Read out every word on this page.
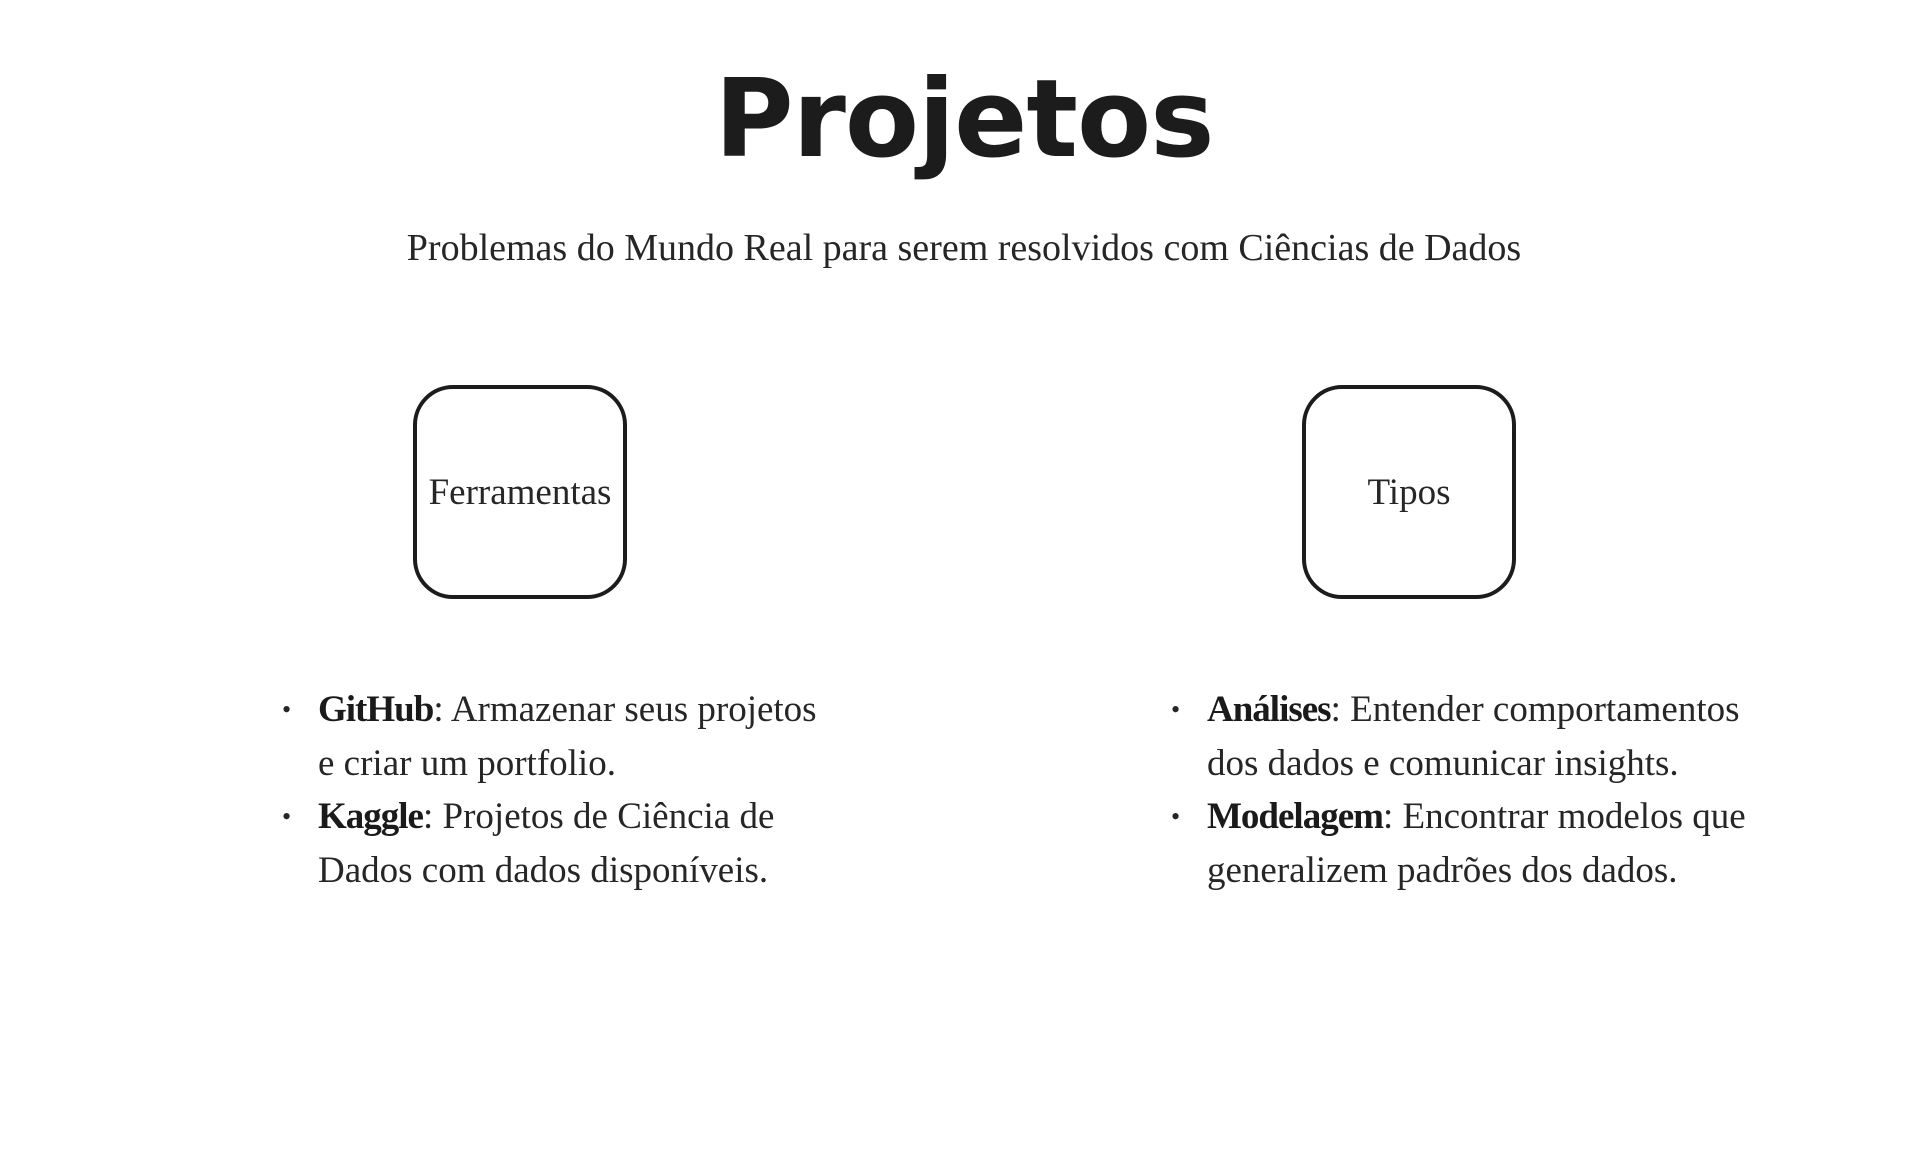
Projetos

Problemas do Mundo Real para serem resolvidos com Ciências de Dados

Ferramentas	Tipos
• GitHub: Armazenar seus projetos e criar um portfolio.
• Kaggle: Projetos de Ciência de Dados com dados disponíveis.
• Análises: Entender comportamentos dos dados e comunicar insights.
• Modelagem: Encontrar modelos que generalizem padrões dos dados.
